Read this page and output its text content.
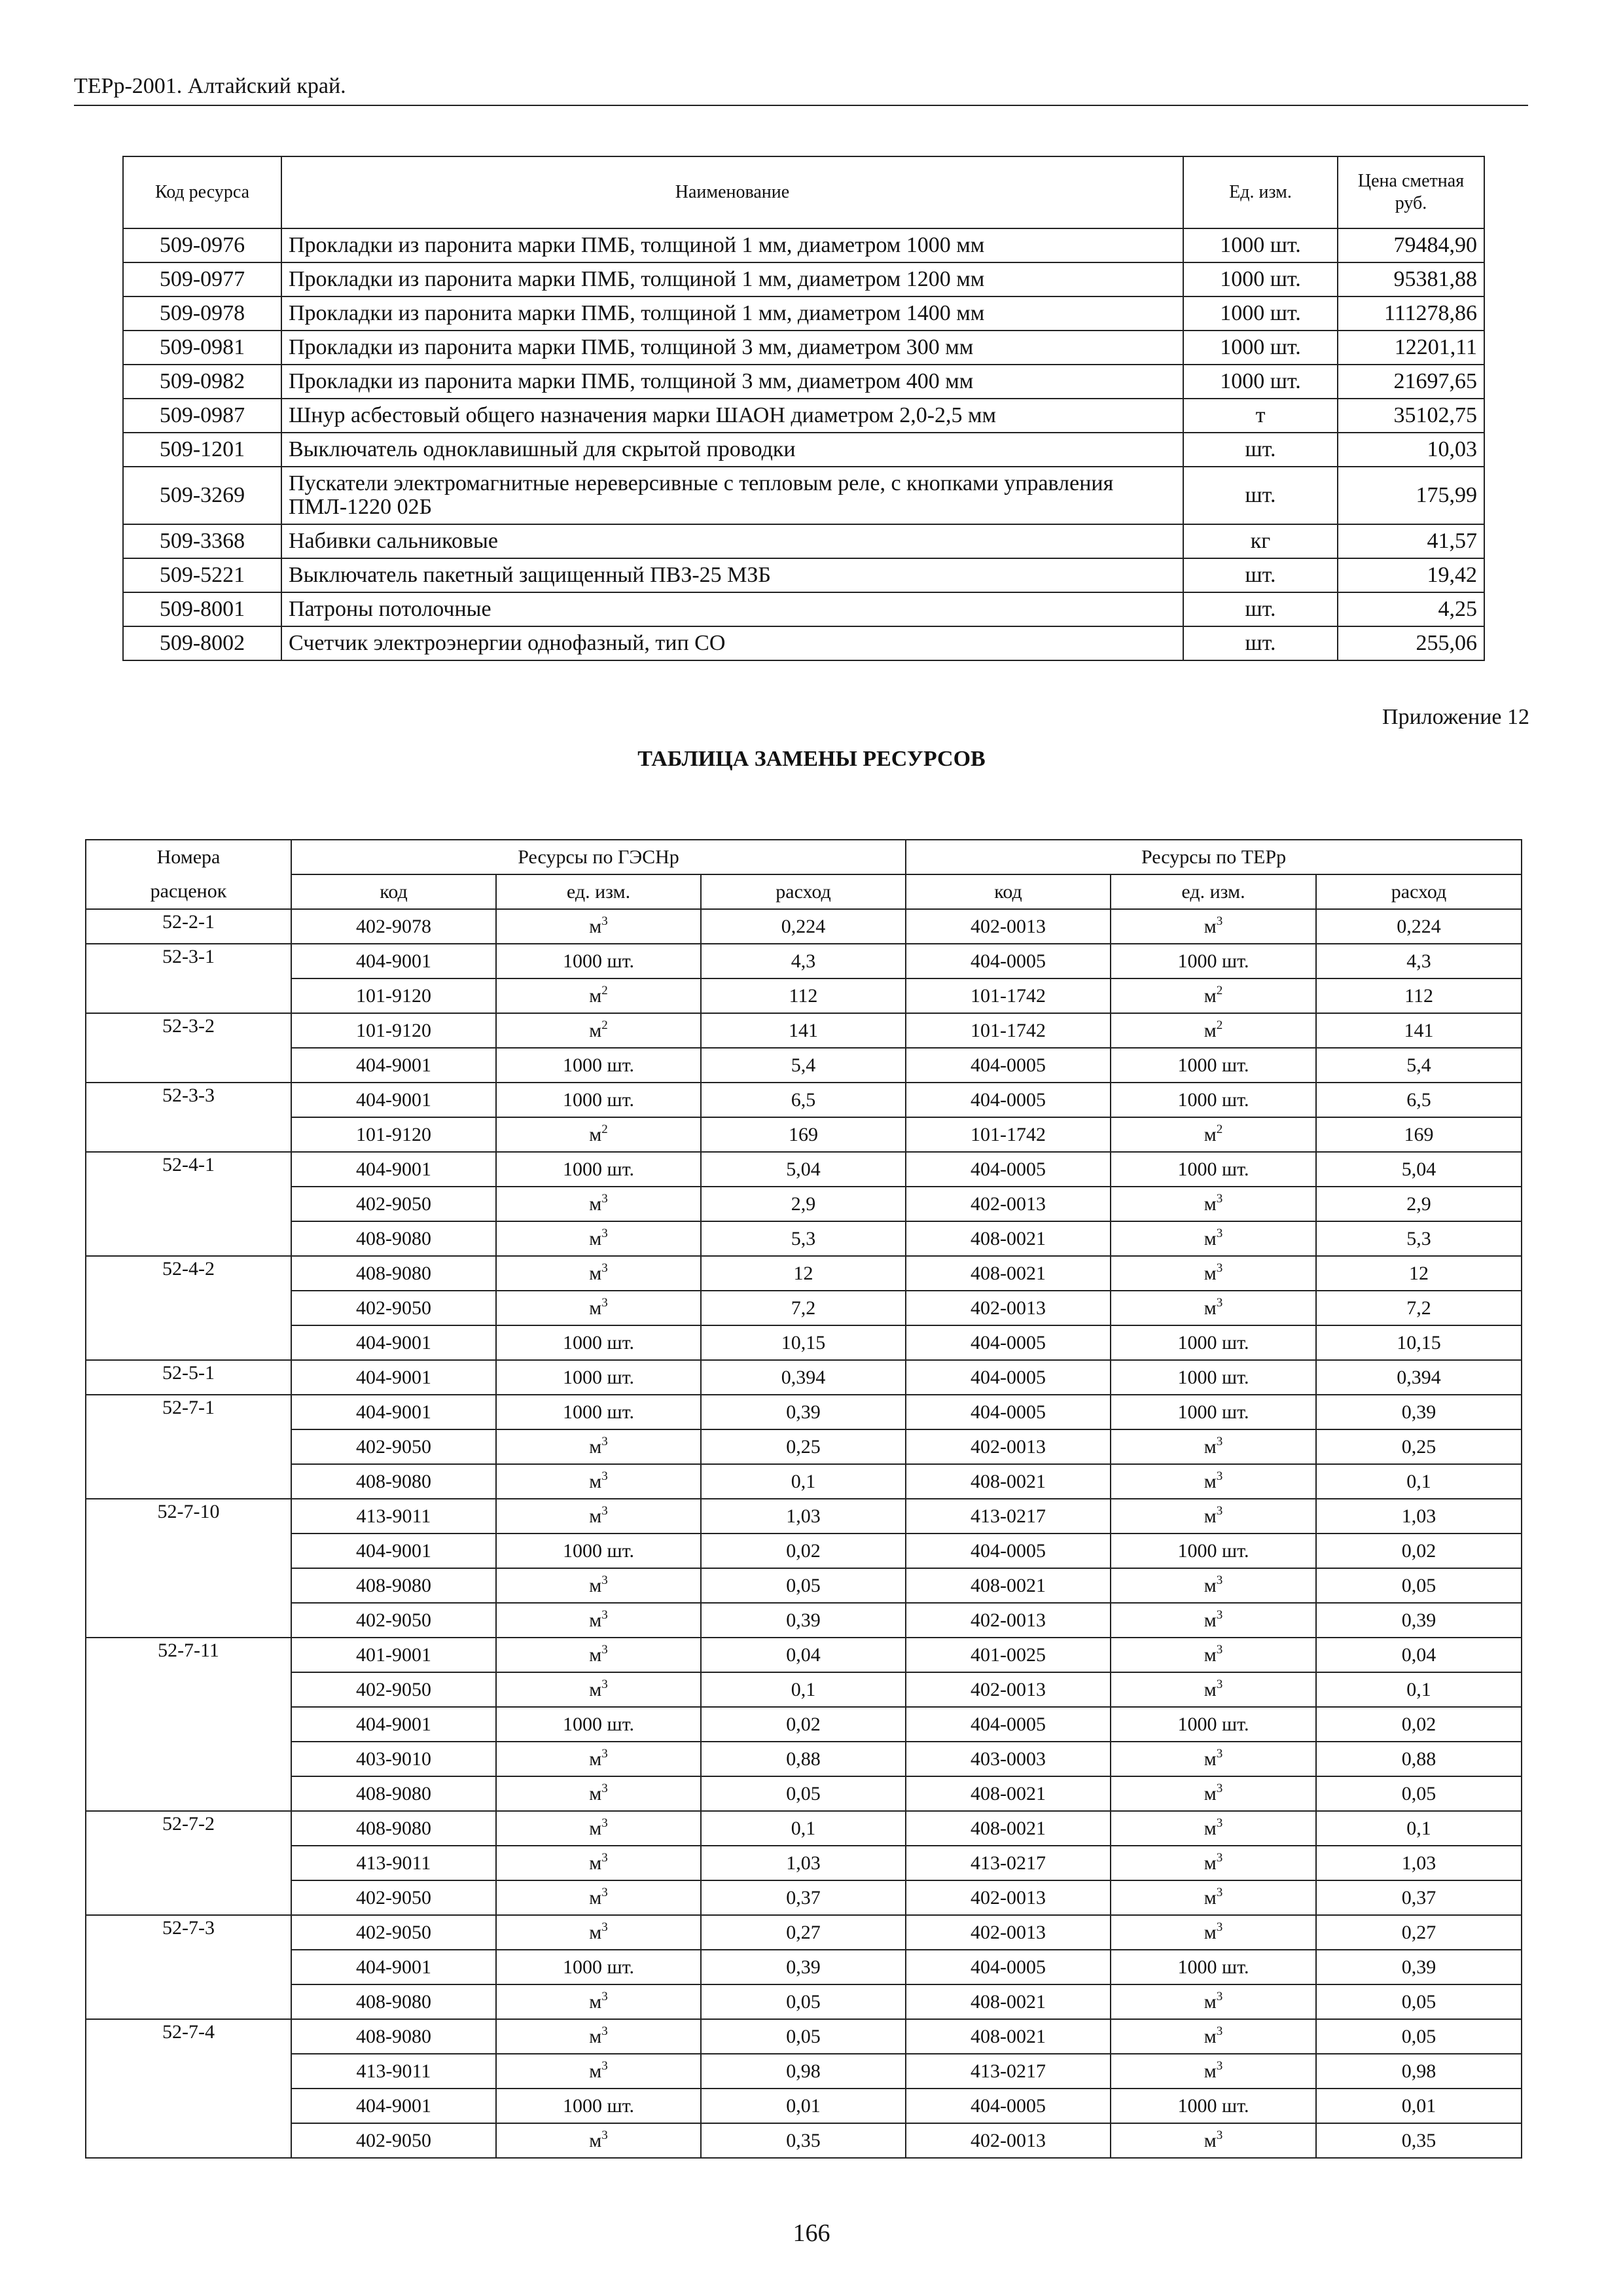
ТЕРр-2001. Алтайский край.
Код ресурса	Наименование	Ед. изм.	Цена сметная руб.
509-0976	Прокладки из паронита марки ПМБ, толщиной 1 мм, диаметром 1000 мм	1000 шт.	79484,90
509-0977	Прокладки из паронита марки ПМБ, толщиной 1 мм, диаметром 1200 мм	1000 шт.	95381,88
509-0978	Прокладки из паронита марки ПМБ, толщиной 1 мм, диаметром 1400 мм	1000 шт.	111278,86
509-0981	Прокладки из паронита марки ПМБ, толщиной 3 мм, диаметром 300 мм	1000 шт.	12201,11
509-0982	Прокладки из паронита марки ПМБ, толщиной 3 мм, диаметром 400 мм	1000 шт.	21697,65
509-0987	Шнур асбестовый общего назначения марки ШАОН диаметром 2,0-2,5 мм	т	35102,75
509-1201	Выключатель одноклавишный для скрытой проводки	шт.	10,03
509-3269	Пускатели электромагнитные нереверсивные с тепловым реле, с кнопками управления ПМЛ-1220 02Б	шт.	175,99
509-3368	Набивки сальниковые	кг	41,57
509-5221	Выключатель пакетный защищенный ПВЗ-25 МЗБ	шт.	19,42
509-8001	Патроны потолочные	шт.	4,25
509-8002	Счетчик электроэнергии однофазный, тип СО	шт.	255,06
Приложение 12
ТАБЛИЦА ЗАМЕНЫ РЕСУРСОВ
Номера	Ресурсы по ГЭСНр			Ресурсы по ТЕРр		
расценок	код	ед. изм.	расход	код	ед. изм.	расход
52-2-1	402-9078	$м^3$	0,224	402-0013	$м^3$	0,224
52-3-1	404-9001	1000 шт.	4,3	404-0005	1000 шт.	4,3
	101-9120	$м^2$	112	101-1742	$м^2$	112
52-3-2	101-9120	$м^2$	141	101-1742	$м^2$	141
	404-9001	1000 шт.	5,4	404-0005	1000 шт.	5,4
52-3-3	404-9001	1000 шт.	6,5	404-0005	1000 шт.	6,5
	101-9120	$м^2$	169	101-1742	$м^2$	169
52-4-1	404-9001	1000 шт.	5,04	404-0005	1000 шт.	5,04
	402-9050	$м^3$	2,9	402-0013	$м^3$	2,9
	408-9080	$м^3$	5,3	408-0021	$м^3$	5,3
52-4-2	408-9080	$м^3$	12	408-0021	$м^3$	12
	402-9050	$м^3$	7,2	402-0013	$м^3$	7,2
	404-9001	1000 шт.	10,15	404-0005	1000 шт.	10,15
52-5-1	404-9001	1000 шт.	0,394	404-0005	1000 шт.	0,394
52-7-1	404-9001	1000 шт.	0,39	404-0005	1000 шт.	0,39
	402-9050	$м^3$	0,25	402-0013	$м^3$	0,25
	408-9080	$м^3$	0,1	408-0021	$м^3$	0,1
52-7-10	413-9011	$м^3$	1,03	413-0217	$м^3$	1,03
	404-9001	1000 шт.	0,02	404-0005	1000 шт.	0,02
	408-9080	$м^3$	0,05	408-0021	$м^3$	0,05
	402-9050	$м^3$	0,39	402-0013	$м^3$	0,39
52-7-11	401-9001	$м^3$	0,04	401-0025	$м^3$	0,04
	402-9050	$м^3$	0,1	402-0013	$м^3$	0,1
	404-9001	1000 шт.	0,02	404-0005	1000 шт.	0,02
	403-9010	$м^3$	0,88	403-0003	$м^3$	0,88
	408-9080	$м^3$	0,05	408-0021	$м^3$	0,05
52-7-2	408-9080	$м^3$	0,1	408-0021	$м^3$	0,1
	413-9011	$м^3$	1,03	413-0217	$м^3$	1,03
	402-9050	$м^3$	0,37	402-0013	$м^3$	0,37
52-7-3	402-9050	$м^3$	0,27	402-0013	$м^3$	0,27
	404-9001	1000 шт.	0,39	404-0005	1000 шт.	0,39
	408-9080	$м^3$	0,05	408-0021	$м^3$	0,05
52-7-4	408-9080	$м^3$	0,05	408-0021	$м^3$	0,05
	413-9011	$м^3$	0,98	413-0217	$м^3$	0,98
	404-9001	1000 шт.	0,01	404-0005	1000 шт.	0,01
	402-9050	$м^3$	0,35	402-0013	$м^3$	0,35
166
